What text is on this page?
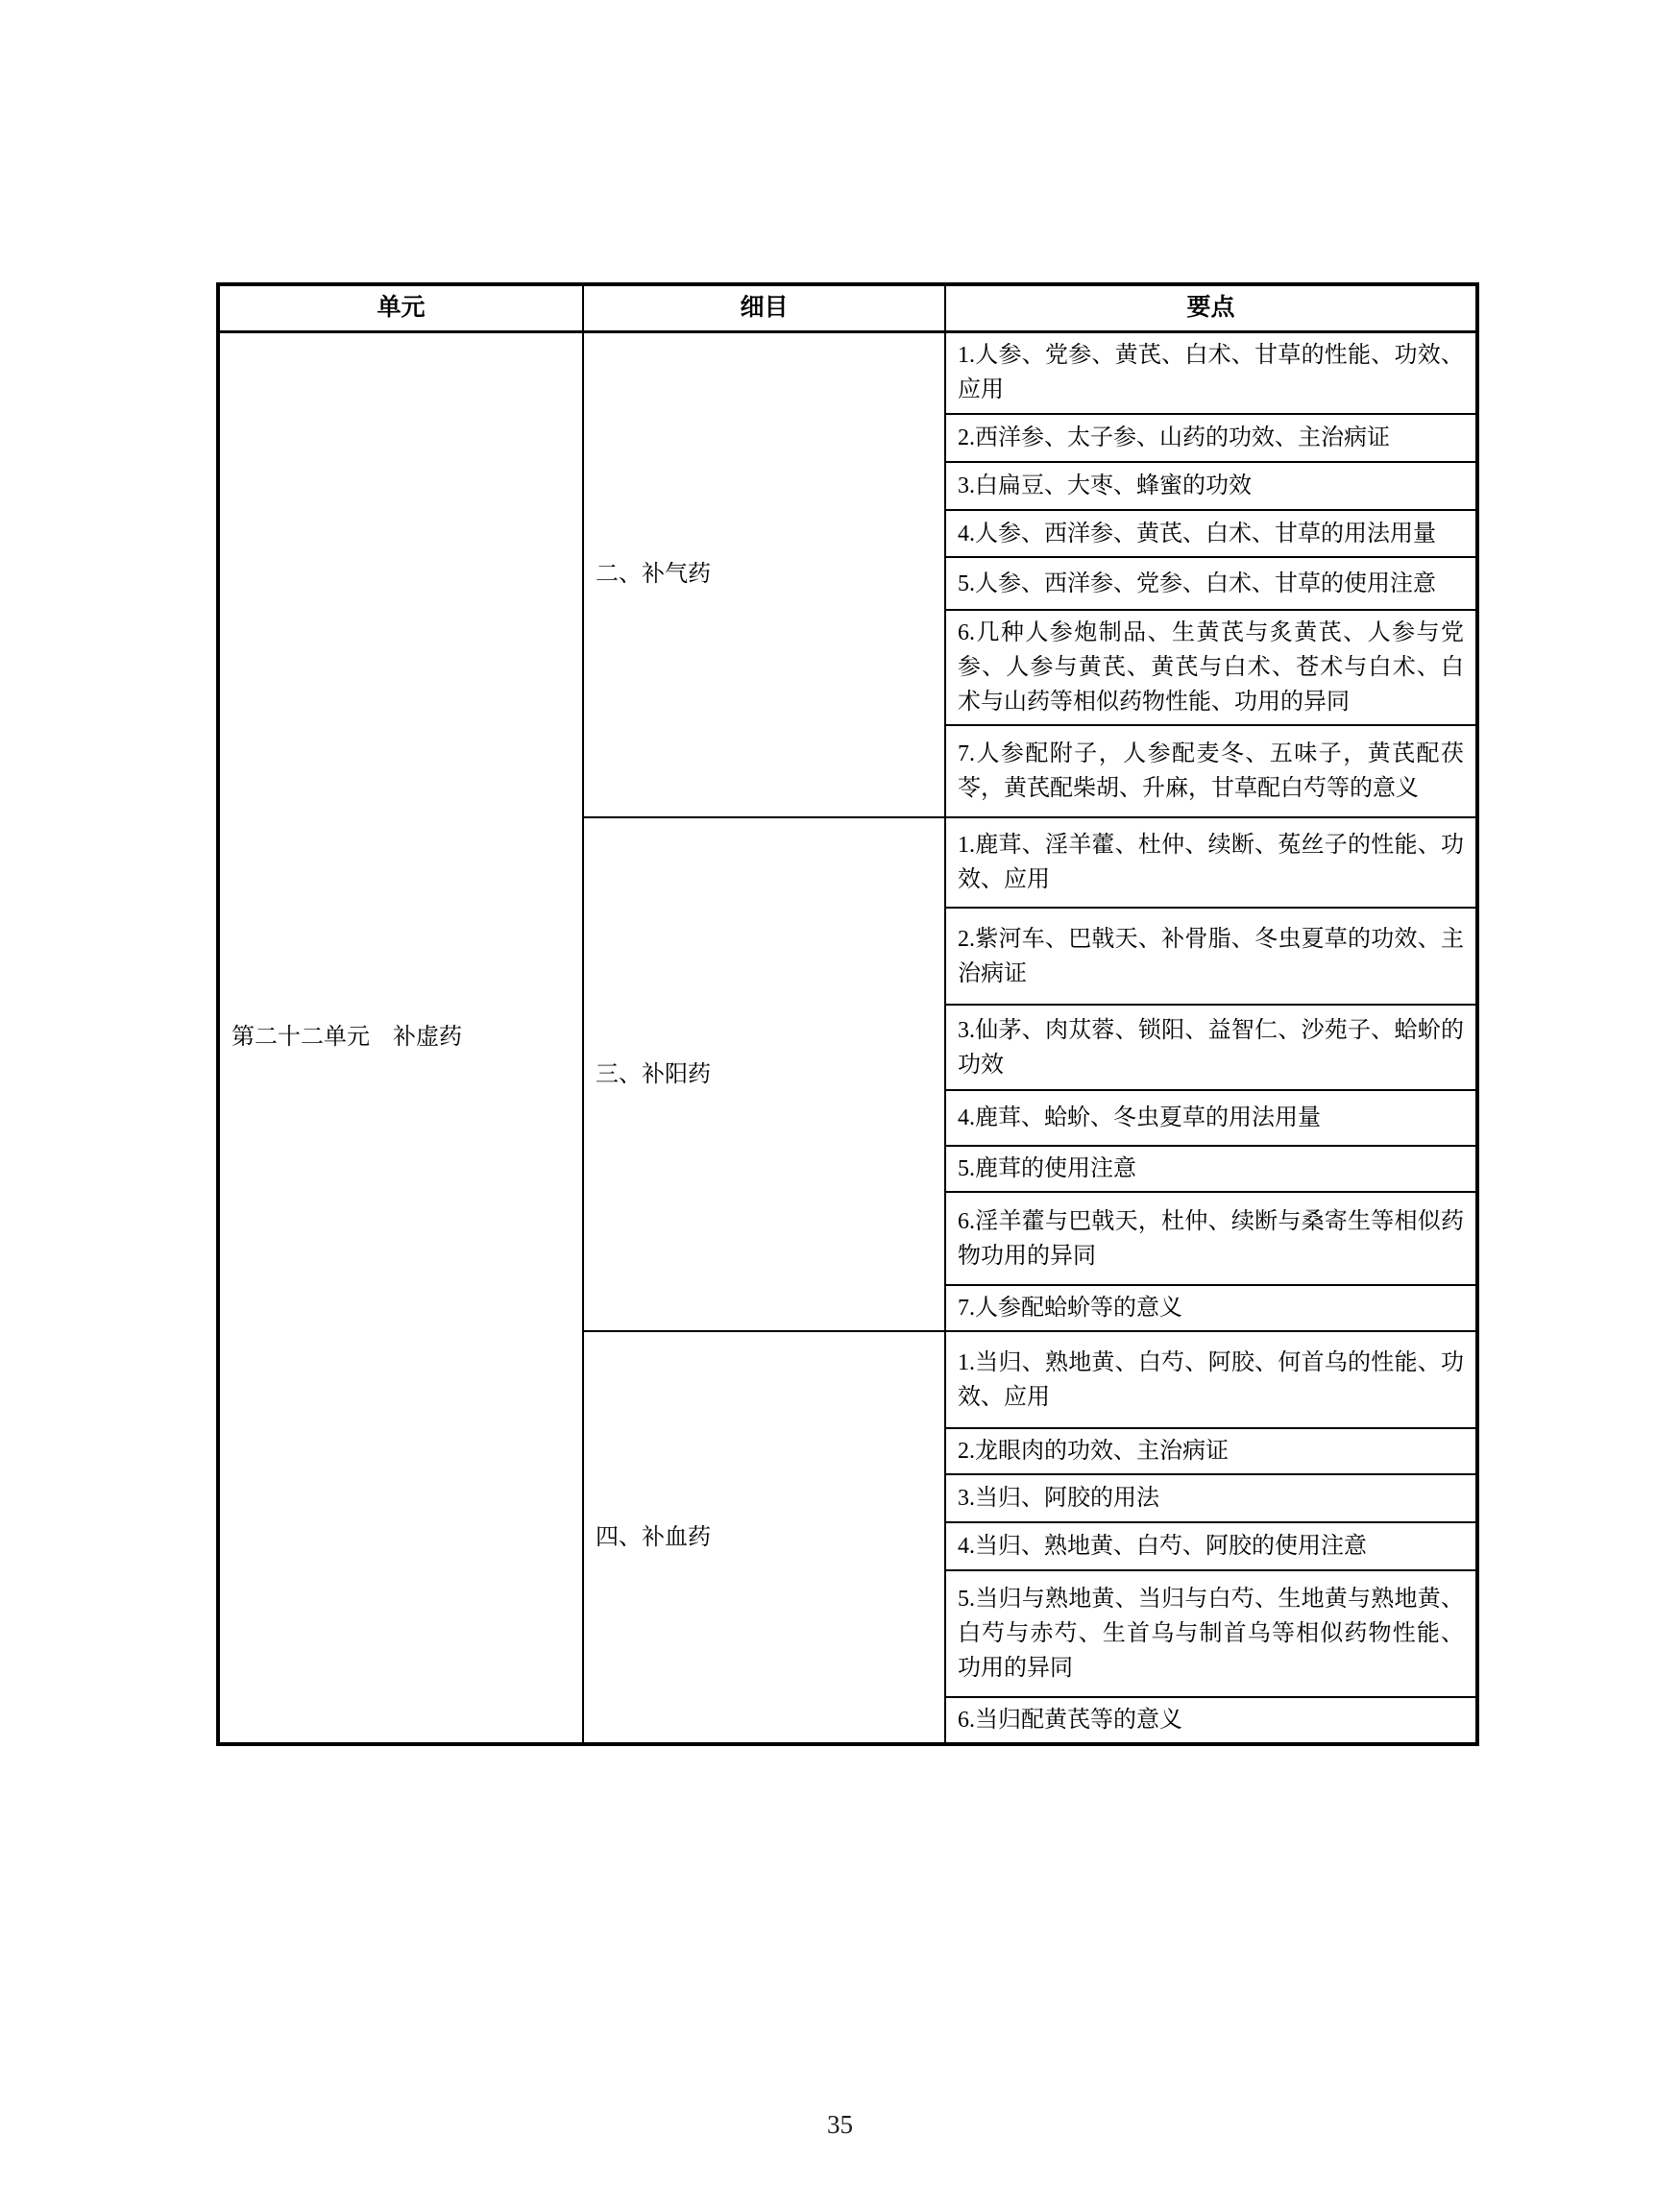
单元	细目	要点
第二十二单元　补虚药	二、补气药	1.人参、党参、黄芪、白术、甘草的性能、功效、应用
		2.西洋参、太子参、山药的功效、主治病证
		3.白扁豆、大枣、蜂蜜的功效
		4.人参、西洋参、黄芪、白术、甘草的用法用量
		5.人参、西洋参、党参、白术、甘草的使用注意
		6.几种人参炮制品、生黄芪与炙黄芪、人参与党参、人参与黄芪、黄芪与白术、苍术与白术、白术与山药等相似药物性能、功用的异同
		7.人参配附子，人参配麦冬、五味子，黄芪配茯苓，黄芪配柴胡、升麻，甘草配白芍等的意义
	三、补阳药	1.鹿茸、淫羊藿、杜仲、续断、菟丝子的性能、功效、应用
		2.紫河车、巴戟天、补骨脂、冬虫夏草的功效、主治病证
		3.仙茅、肉苁蓉、锁阳、益智仁、沙苑子、蛤蚧的功效
		4.鹿茸、蛤蚧、冬虫夏草的用法用量
		5.鹿茸的使用注意
		6.淫羊藿与巴戟天，杜仲、续断与桑寄生等相似药物功用的异同
		7.人参配蛤蚧等的意义
	四、补血药	1.当归、熟地黄、白芍、阿胶、何首乌的性能、功效、应用
		2.龙眼肉的功效、主治病证
		3.当归、阿胶的用法
		4.当归、熟地黄、白芍、阿胶的使用注意
		5.当归与熟地黄、当归与白芍、生地黄与熟地黄、白芍与赤芍、生首乌与制首乌等相似药物性能、功用的异同
		6.当归配黄芪等的意义
35
